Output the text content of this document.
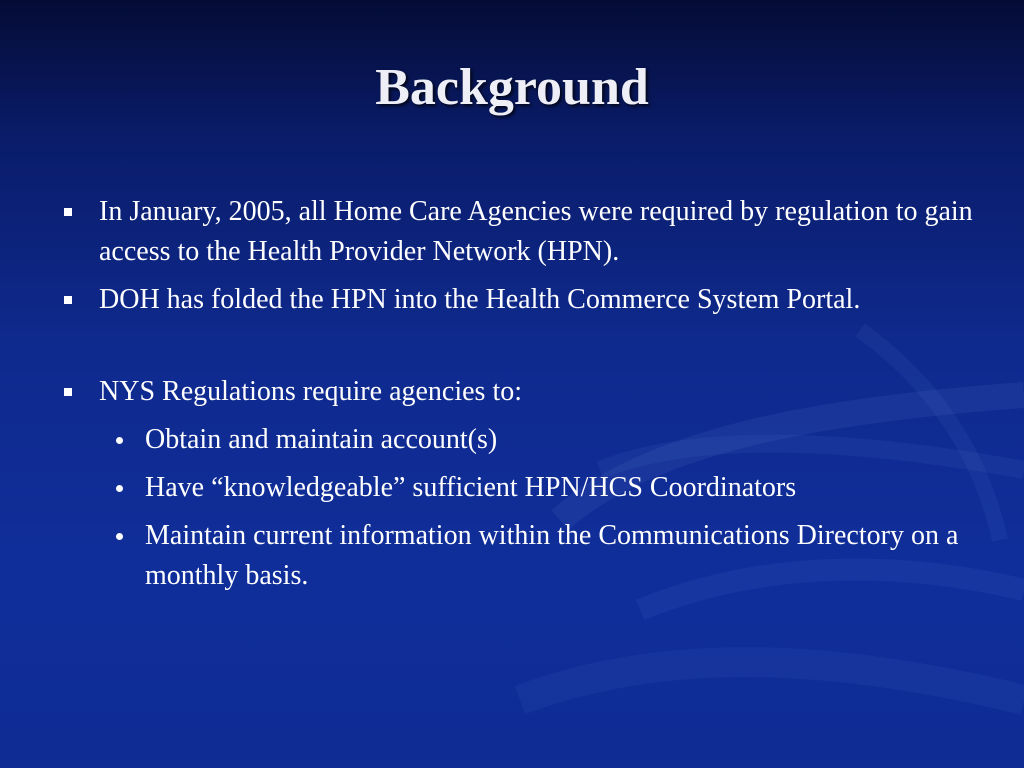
Background
In January, 2005, all Home Care Agencies were required by regulation to gain access to the Health Provider Network (HPN).
DOH has folded the HPN into the Health Commerce System Portal.
NYS Regulations require agencies to:
Obtain and maintain account(s)
Have “knowledgeable” sufficient HPN/HCS Coordinators
Maintain current information within the Communications Directory on a monthly basis.
